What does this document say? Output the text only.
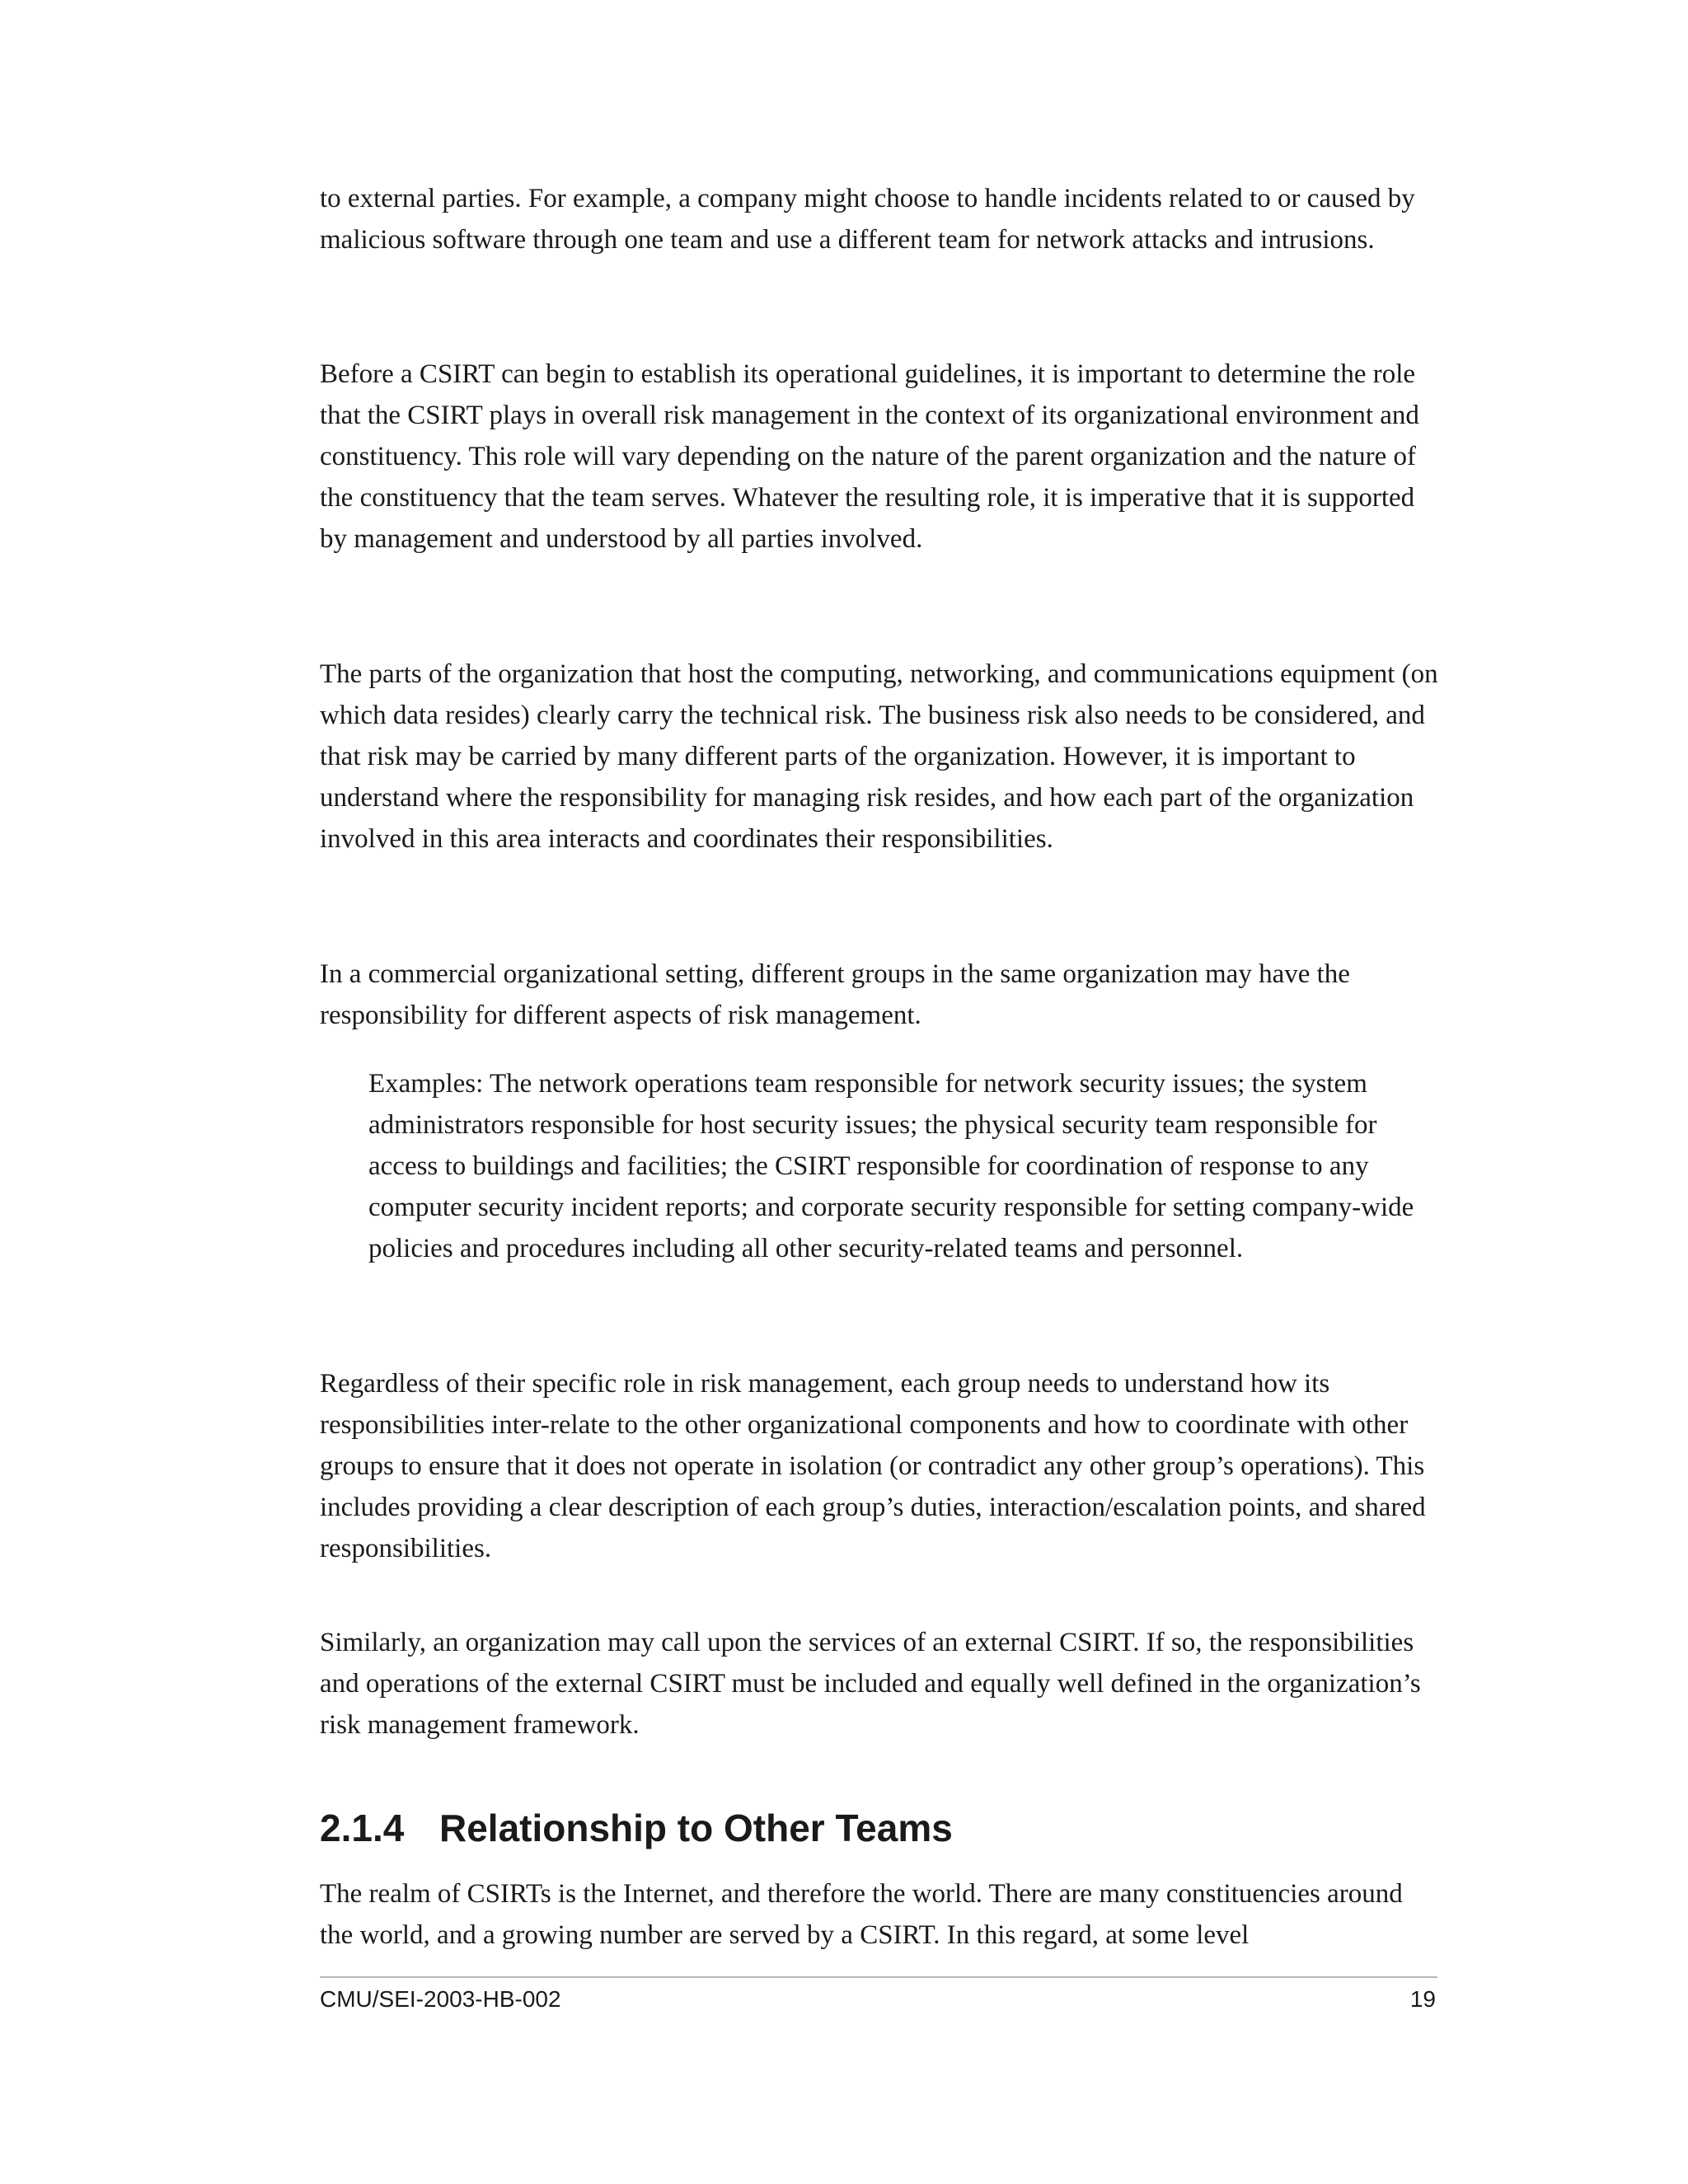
to external parties. For example, a company might choose to handle incidents related to or caused by malicious software through one team and use a different team for network attacks and intrusions.

Before a CSIRT can begin to establish its operational guidelines, it is important to determine the role that the CSIRT plays in overall risk management in the context of its organizational environment and constituency. This role will vary depending on the nature of the parent organization and the nature of the constituency that the team serves. Whatever the resulting role, it is imperative that it is supported by management and understood by all parties involved.

The parts of the organization that host the computing, networking, and communications equipment (on which data resides) clearly carry the technical risk. The business risk also needs to be considered, and that risk may be carried by many different parts of the organization. However, it is important to understand where the responsibility for managing risk resides, and how each part of the organization involved in this area interacts and coordinates their responsibilities.

In a commercial organizational setting, different groups in the same organization may have the responsibility for different aspects of risk management.

Examples: The network operations team responsible for network security issues; the system administrators responsible for host security issues; the physical security team responsible for access to buildings and facilities; the CSIRT responsible for coordination of response to any computer security incident reports; and corporate security responsible for setting company-wide policies and procedures including all other security-related teams and personnel.

Regardless of their specific role in risk management, each group needs to understand how its responsibilities inter-relate to the other organizational components and how to coordinate with other groups to ensure that it does not operate in isolation (or contradict any other group’s operations). This includes providing a clear description of each group’s duties, interaction/escalation points, and shared responsibilities.

Similarly, an organization may call upon the services of an external CSIRT. If so, the responsibilities and operations of the external CSIRT must be included and equally well defined in the organization’s risk management framework.

2.1.4 Relationship to Other Teams

The realm of CSIRTs is the Internet, and therefore the world. There are many constituencies around the world, and a growing number are served by a CSIRT. In this regard, at some level

CMU/SEI-2003-HB-002	19
